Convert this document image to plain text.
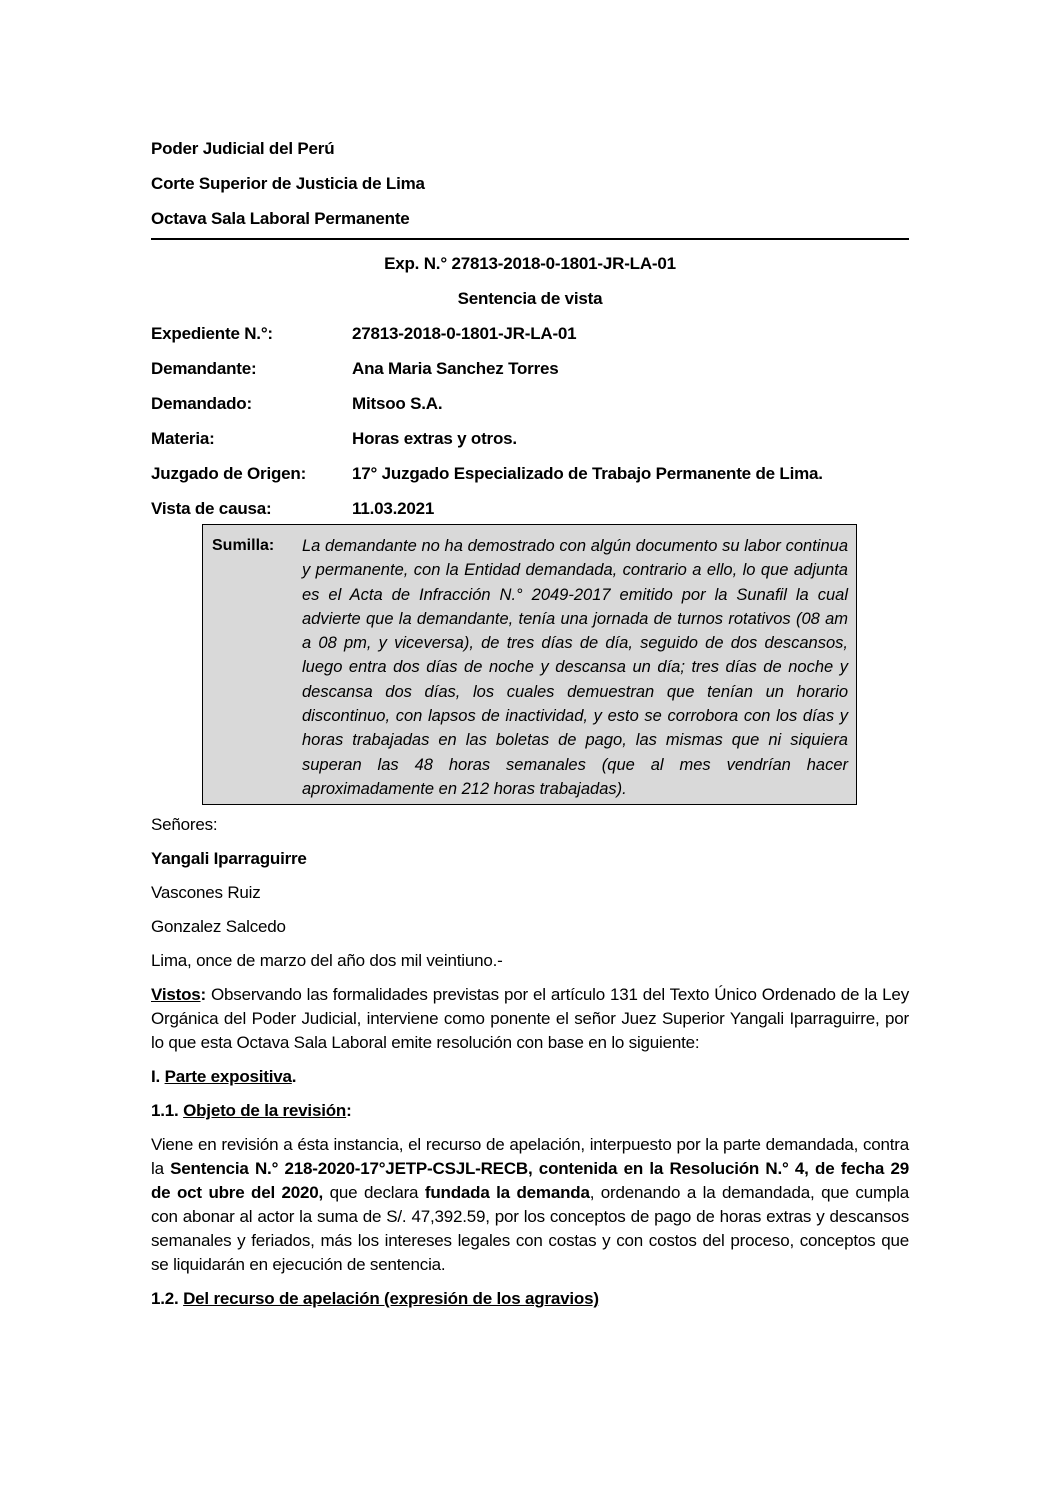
Poder Judicial del Perú
Corte Superior de Justicia de Lima
Octava Sala Laboral Permanente
Exp. N.° 27813-2018-0-1801-JR-LA-01
Sentencia de vista
Expediente N.°:	27813-2018-0-1801-JR-LA-01
Demandante:	Ana Maria Sanchez Torres
Demandado:	Mitsoo S.A.
Materia:	Horas extras y otros.
Juzgado de Origen:	17° Juzgado Especializado de Trabajo Permanente de Lima.
Vista de causa:	11.03.2021
Sumilla:	La demandante no ha demostrado con algún documento su labor continua y permanente, con la Entidad demandada, contrario a ello, lo que adjunta es el Acta de Infracción N.° 2049-2017 emitido por la Sunafil la cual advierte que la demandante, tenía una jornada de turnos rotativos (08 am a 08 pm, y viceversa), de tres días de día, seguido de dos descansos, luego entra dos días de noche y descansa un día; tres días de noche y descansa dos días, los cuales demuestran que tenían un horario discontinuo, con lapsos de inactividad, y esto se corrobora con los días y horas trabajadas en las boletas de pago, las mismas que ni siquiera superan las 48 horas semanales (que al mes vendrían hacer aproximadamente en 212 horas trabajadas).
Señores:
Yangali Iparraguirre
Vascones Ruiz
Gonzalez Salcedo
Lima, once de marzo del año dos mil veintiuno.-
Vistos: Observando las formalidades previstas por el artículo 131 del Texto Único Ordenado de la Ley Orgánica del Poder Judicial, interviene como ponente el señor Juez Superior Yangali Iparraguirre, por lo que esta Octava Sala Laboral emite resolución con base en lo siguiente:
I. Parte expositiva.
1.1. Objeto de la revisión:
Viene en revisión a ésta instancia, el recurso de apelación, interpuesto por la parte demandada, contra la Sentencia N.° 218-2020-17°JETP-CSJL-RECB, contenida en la Resolución N.° 4, de fecha 29 de oct ubre del 2020, que declara fundada la demanda, ordenando a la demandada, que cumpla con abonar al actor la suma de S/. 47,392.59, por los conceptos de pago de horas extras y descansos semanales y feriados, más los intereses legales con costas y con costos del proceso, conceptos que se liquidarán en ejecución de sentencia.
1.2. Del recurso de apelación (expresión de los agravios)
